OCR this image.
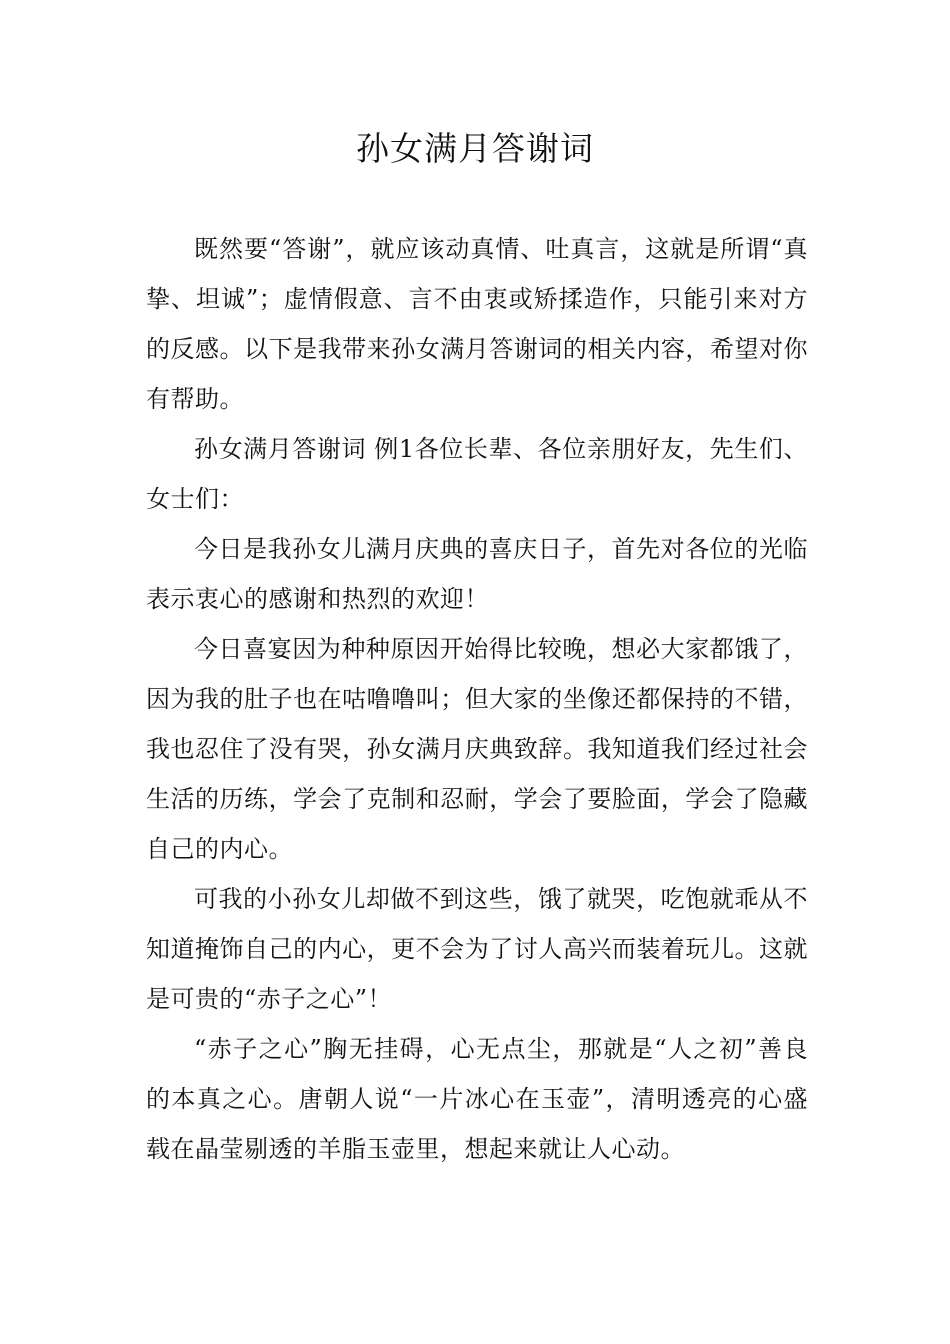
孙女满月答谢词

既然要“答谢”，就应该动真情、吐真言，这就是所谓“真挚、坦诚”；虚情假意、言不由衷或矫揉造作，只能引来对方的反感。以下是我带来孙女满月答谢词的相关内容，希望对你有帮助。

孙女满月答谢词 例1各位长辈、各位亲朋好友，先生们、女士们：

今日是我孙女儿满月庆典的喜庆日子，首先对各位的光临表示衷心的感谢和热烈的欢迎！

今日喜宴因为种种原因开始得比较晚，想必大家都饿了，因为我的肚子也在咕噜噜叫；但大家的坐像还都保持的不错，我也忍住了没有哭，孙女满月庆典致辞。我知道我们经过社会生活的历练，学会了克制和忍耐，学会了要脸面，学会了隐藏自己的内心。

可我的小孙女儿却做不到这些，饿了就哭，吃饱就乖从不知道掩饰自己的内心，更不会为了讨人高兴而装着玩儿。这就是可贵的“赤子之心”！

“赤子之心”胸无挂碍，心无点尘，那就是“人之初”善良的本真之心。唐朝人说“一片冰心在玉壶”，清明透亮的心盛载在晶莹剔透的羊脂玉壶里，想起来就让人心动。
